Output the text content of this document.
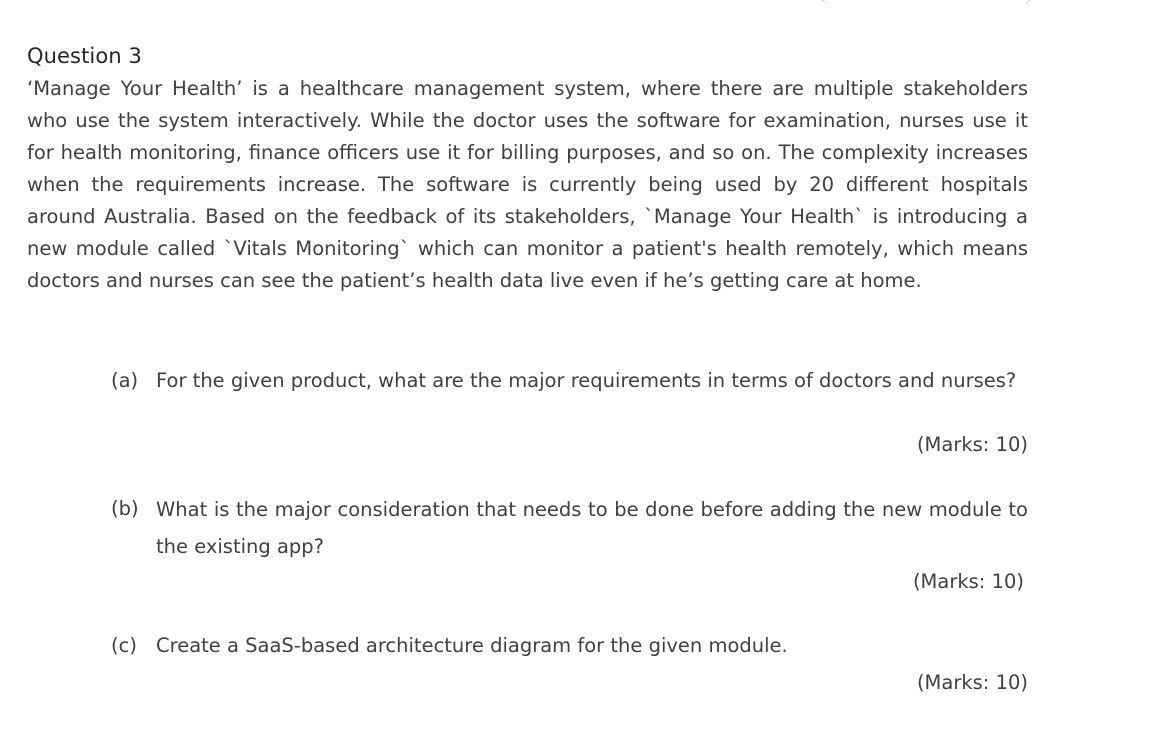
Question 3

‘Manage Your Health’ is a healthcare management system, where there are multiple stakeholders who use the system interactively. While the doctor uses the software for examination, nurses use it for health monitoring, finance officers use it for billing purposes, and so on. The complexity increases when the requirements increase. The software is currently being used by 20 different hospitals around Australia. Based on the feedback of its stakeholders, `Manage Your Health` is introducing a new module called `Vitals Monitoring` which can monitor a patient's health remotely, which means doctors and nurses can see the patient’s health data live even if he’s getting care at home.

(a) For the given product, what are the major requirements in terms of doctors and nurses?
(Marks: 10)
(b) What is the major consideration that needs to be done before adding the new module to the existing app?
(Marks: 10)
(c) Create a SaaS-based architecture diagram for the given module.
(Marks: 10)
